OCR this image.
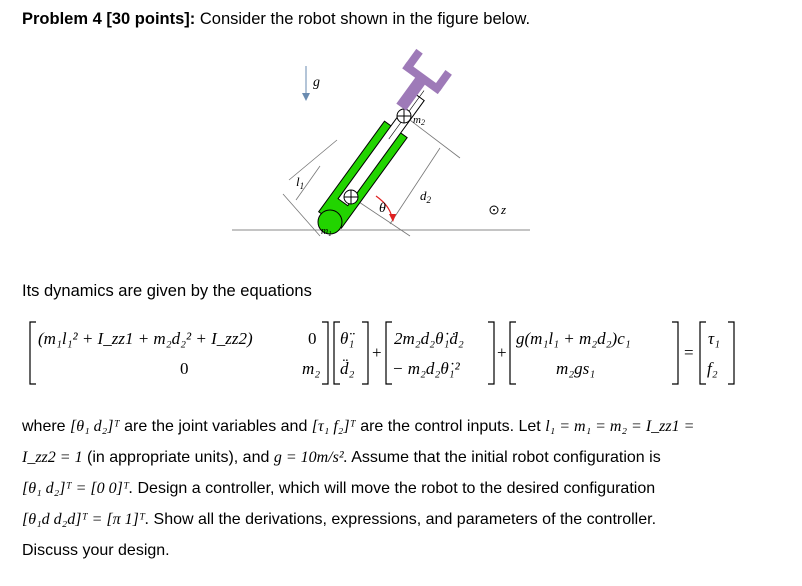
Problem 4 [30 points]: Consider the robot shown in the figure below.
g
$l_1$
$d_2$
$m_1$
m2
θ	z
Its dynamics are given by the equations
(m₁l₁² + I_zz1 + m₂d₂² + I_zz2)	0
0	m₂
θ̈₁
d̈₂
+
2m₂d₂θ̇₁ḋ₂
− m₂d₂θ̇₁²
+
g(m₁l₁ + m₂d₂)c₁
m₂gs₁
=
τ₁
f₂
where [θ₁ d₂]ᵀ are the joint variables and [τ₁ f₂]ᵀ are the control inputs. Let l₁ = m₁ = m₂ = I_zz1 =
I_zz2 = 1 (in appropriate units), and g = 10m/s². Assume that the initial robot configuration is
[θ₁ d₂]ᵀ = [0 0]ᵀ. Design a controller, which will move the robot to the desired configuration
[θ₁d d₂d]ᵀ = [π 1]ᵀ. Show all the derivations, expressions, and parameters of the controller.
Discuss your design.
